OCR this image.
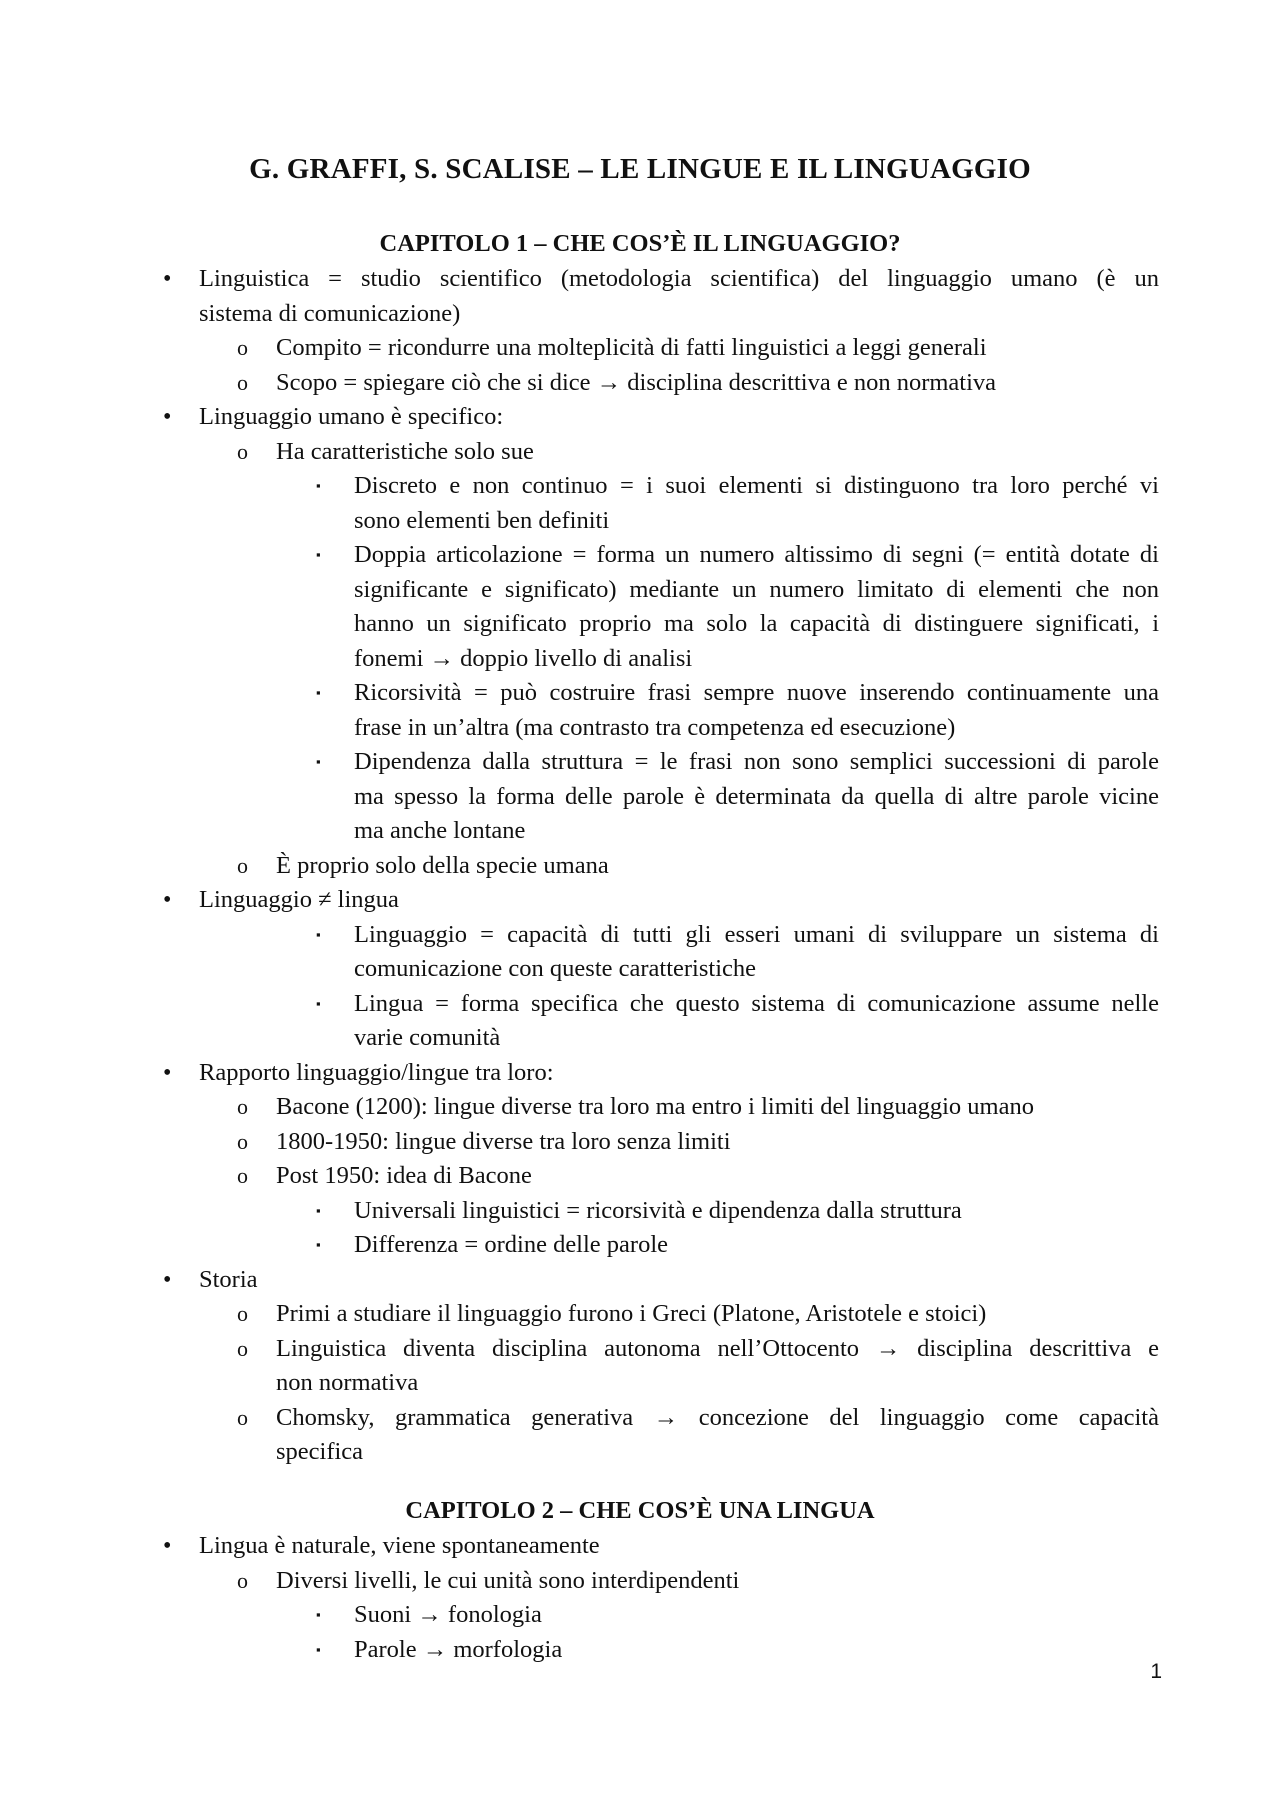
G. GRAFFI, S. SCALISE – LE LINGUE E IL LINGUAGGIO
CAPITOLO 1 – CHE COS’È IL LINGUAGGIO?
• Linguistica = studio scientifico (metodologia scientifica) del linguaggio umano (è un
sistema di comunicazione)
o Compito = ricondurre una molteplicità di fatti linguistici a leggi generali
o Scopo = spiegare ciò che si dice → disciplina descrittiva e non normativa
• Linguaggio umano è specifico:
o Ha caratteristiche solo sue
▪ Discreto e non continuo = i suoi elementi si distinguono tra loro perché vi
sono elementi ben definiti
▪ Doppia articolazione = forma un numero altissimo di segni (= entità dotate di
significante e significato) mediante un numero limitato di elementi che non
hanno un significato proprio ma solo la capacità di distinguere significati, i
fonemi → doppio livello di analisi
▪ Ricorsività = può costruire frasi sempre nuove inserendo continuamente una
frase in un’altra (ma contrasto tra competenza ed esecuzione)
▪ Dipendenza dalla struttura = le frasi non sono semplici successioni di parole
ma spesso la forma delle parole è determinata da quella di altre parole vicine
ma anche lontane
o È proprio solo della specie umana
• Linguaggio ≠ lingua
▪ Linguaggio = capacità di tutti gli esseri umani di sviluppare un sistema di
comunicazione con queste caratteristiche
▪ Lingua = forma specifica che questo sistema di comunicazione assume nelle
varie comunità
• Rapporto linguaggio/lingue tra loro:
o Bacone (1200): lingue diverse tra loro ma entro i limiti del linguaggio umano
o 1800-1950: lingue diverse tra loro senza limiti
o Post 1950: idea di Bacone
▪ Universali linguistici = ricorsività e dipendenza dalla struttura
▪ Differenza = ordine delle parole
• Storia
o Primi a studiare il linguaggio furono i Greci (Platone, Aristotele e stoici)
o Linguistica diventa disciplina autonoma nell’Ottocento → disciplina descrittiva e
non normativa
o Chomsky, grammatica generativa → concezione del linguaggio come capacità
specifica
CAPITOLO 2 – CHE COS’È UNA LINGUA
• Lingua è naturale, viene spontaneamente
o Diversi livelli, le cui unità sono interdipendenti
▪ Suoni → fonologia
▪ Parole → morfologia
1
